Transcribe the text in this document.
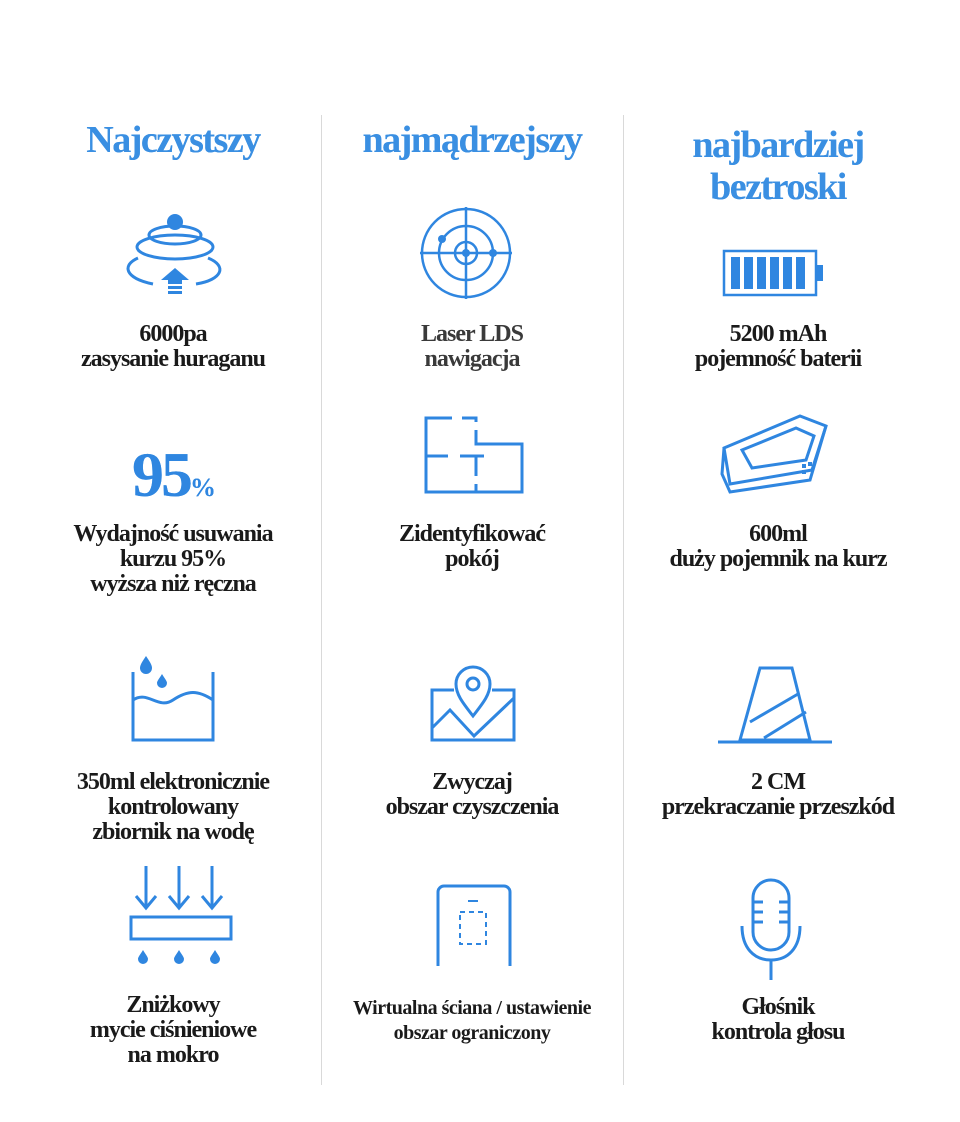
Najczystszy	najmądrzejszy	najbardziej
beztroski
6000pa
zasysanie huraganu
95%
Wydajność usuwania
kurzu 95%
wyższa niż ręczna
350ml elektronicznie
kontrolowany
zbiornik na wodę
Zniżkowy
mycie ciśnieniowe
na mokro
Laser LDS
nawigacja
Zidentyfikować
pokój
Zwyczaj
obszar czyszczenia
Wirtualna ściana / ustawienie
obszar ograniczony
5200 mAh
pojemność baterii
600ml
duży pojemnik na kurz
2 CM
przekraczanie przeszkód
Głośnik
kontrola głosu
